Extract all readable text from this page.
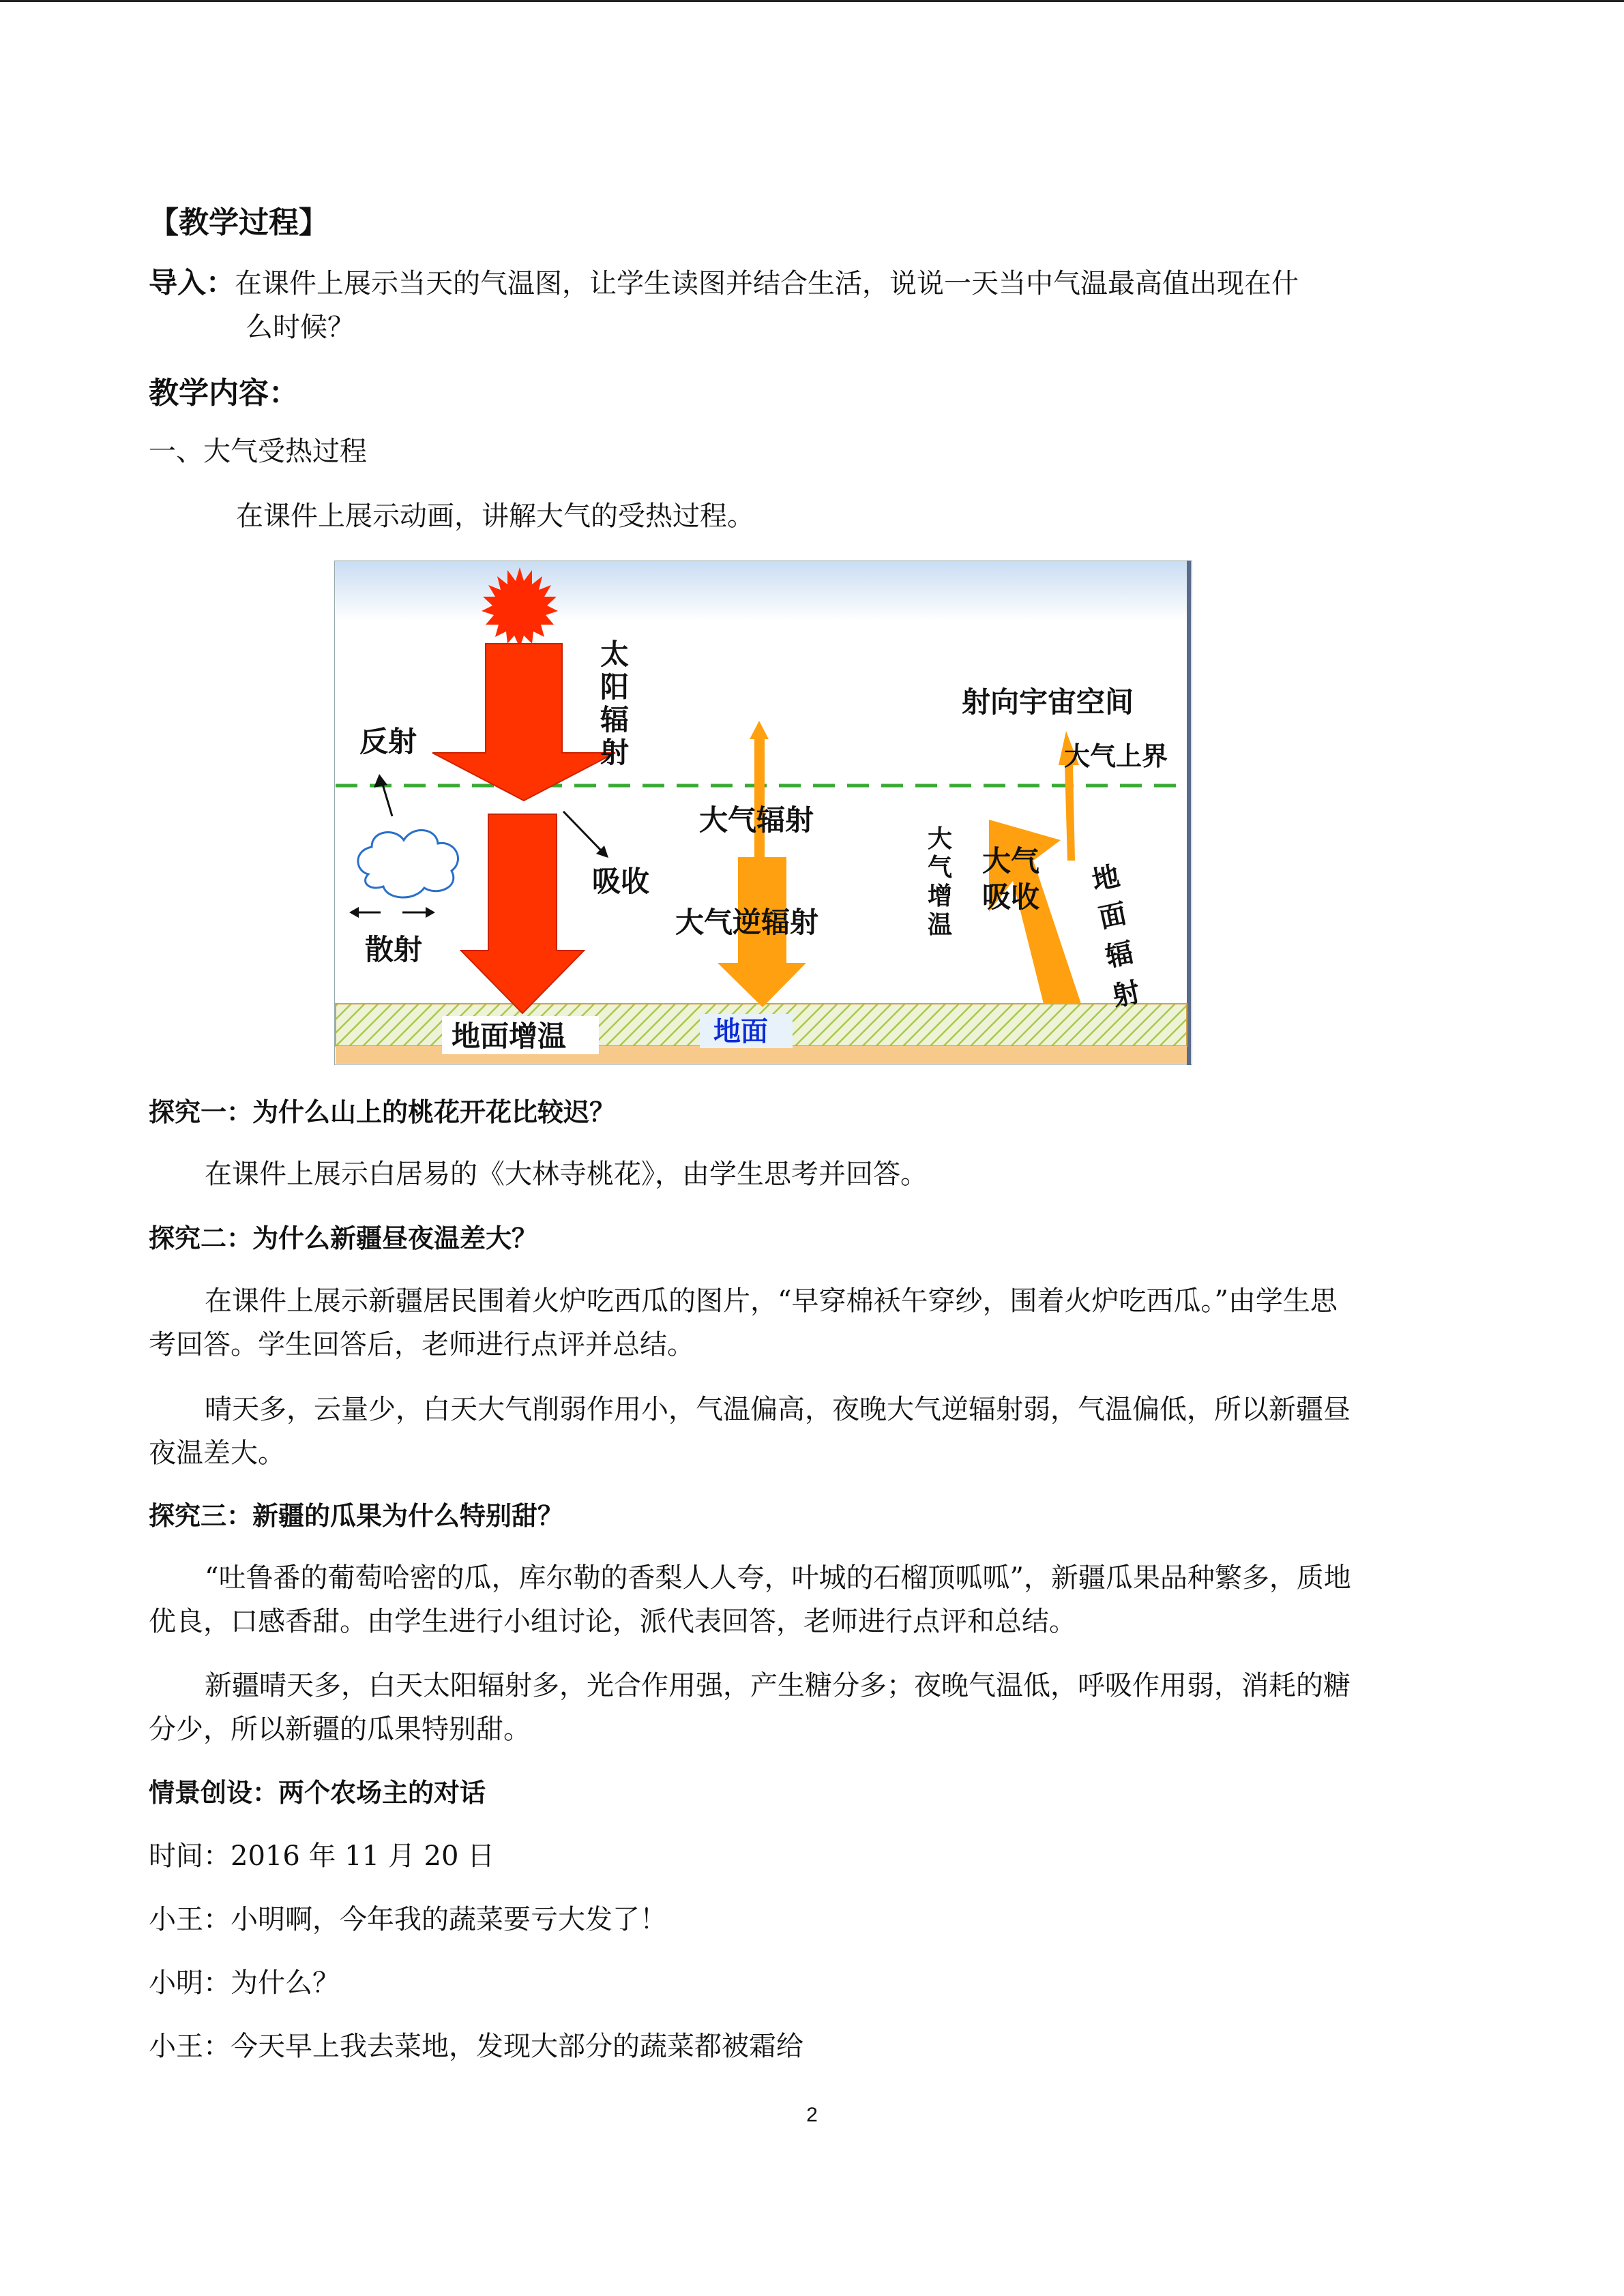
【教学过程】
导入：在课件上展示当天的气温图，让学生读图并结合生活，说说一天当中气温最高值出现在什
么时候？
教学内容：
一、大气受热过程
在课件上展示动画，讲解大气的受热过程。
太
阳
辐
射
反射
吸收
散射
地面增温	地面
大气辐射
大气逆辐射
射向宇宙空间
大气上界
大
气
增
温
大气
吸收
地
面
辐
射
探究一：为什么山上的桃花开花比较迟？
在课件上展示白居易的《大林寺桃花》，由学生思考并回答。
探究二：为什么新疆昼夜温差大？
在课件上展示新疆居民围着火炉吃西瓜的图片，“早穿棉袄午穿纱，围着火炉吃西瓜。”由学生思考回答。学生回答后，老师进行点评并总结。
晴天多，云量少，白天大气削弱作用小，气温偏高，夜晚大气逆辐射弱，气温偏低，所以新疆昼夜温差大。
探究三：新疆的瓜果为什么特别甜？
“吐鲁番的葡萄哈密的瓜，库尔勒的香梨人人夸，叶城的石榴顶呱呱”，新疆瓜果品种繁多，质地优良，口感香甜。由学生进行小组讨论，派代表回答，老师进行点评和总结。
新疆晴天多，白天太阳辐射多，光合作用强，产生糖分多；夜晚气温低，呼吸作用弱，消耗的糖分少，所以新疆的瓜果特别甜。
情景创设：两个农场主的对话
时间：2016 年 11 月 20 日
小王：小明啊，今年我的蔬菜要亏大发了！
小明：为什么？
小王：今天早上我去菜地，发现大部分的蔬菜都被霜给
2
